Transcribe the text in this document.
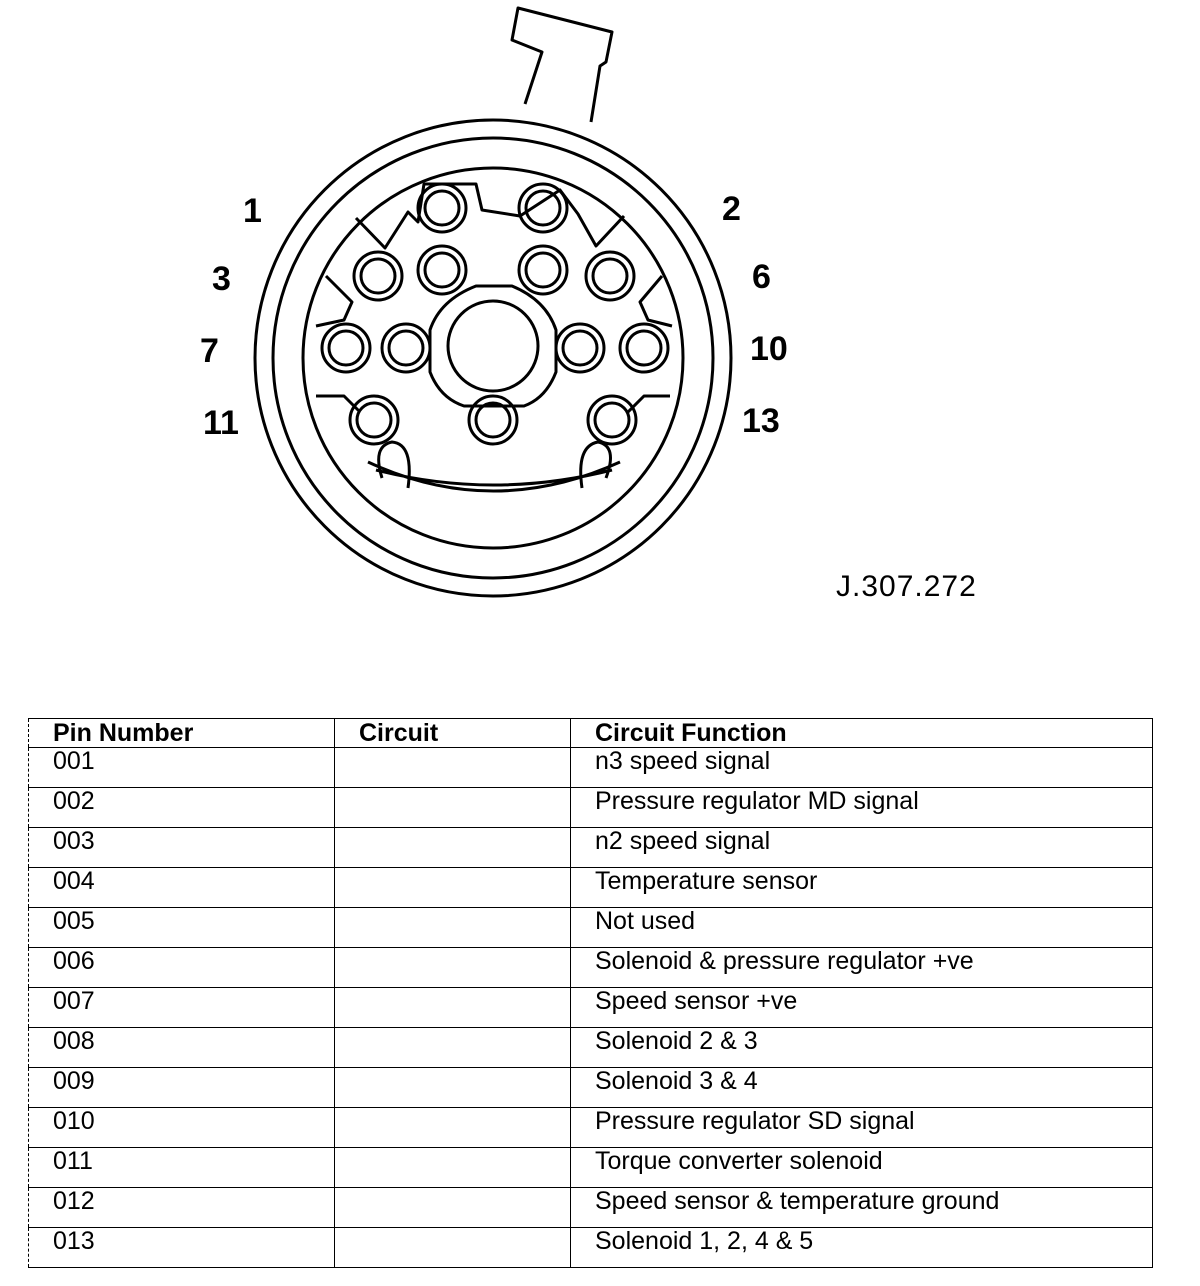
1	2
3	6
7	10
11	13
J.307.272
Pin Number	Circuit	Circuit Function
001		n3 speed signal
002		Pressure regulator MD signal
003		n2 speed signal
004		Temperature sensor
005		Not used
006		Solenoid & pressure regulator +ve
007		Speed sensor +ve
008		Solenoid 2 & 3
009		Solenoid 3 & 4
010		Pressure regulator SD signal
011		Torque converter solenoid
012		Speed sensor & temperature ground
013		Solenoid 1, 2, 4 & 5
